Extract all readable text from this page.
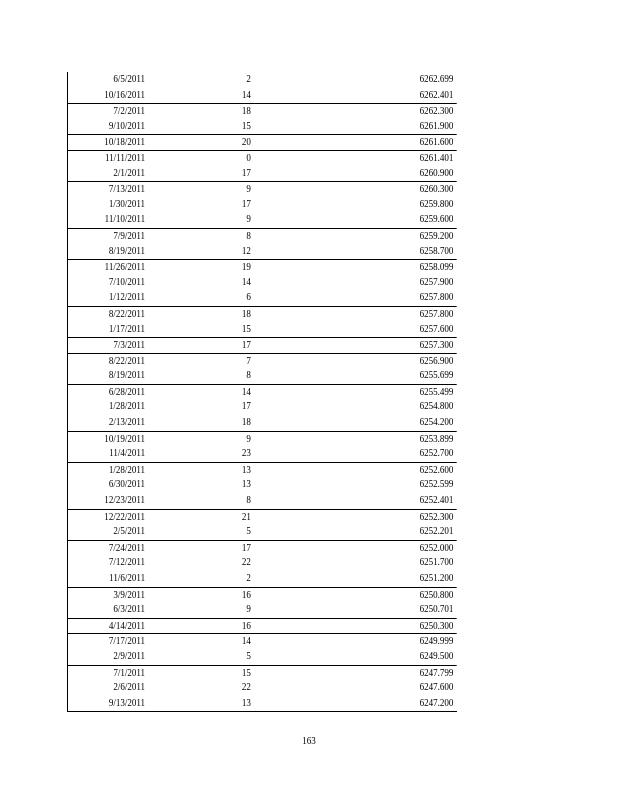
6/5/2011	2	6262.699
10/16/2011	14	6262.401
7/2/2011	18	6262.300
9/10/2011	15	6261.900
10/18/2011	20	6261.600
11/11/2011	0	6261.401
2/1/2011	17	6260.900
7/13/2011	9	6260.300
1/30/2011	17	6259.800
11/10/2011	9	6259.600
7/9/2011	8	6259.200
8/19/2011	12	6258.700
11/26/2011	19	6258.099
7/10/2011	14	6257.900
1/12/2011	6	6257.800
8/22/2011	18	6257.800
1/17/2011	15	6257.600
7/3/2011	17	6257.300
8/22/2011	7	6256.900
8/19/2011	8	6255.699
6/28/2011	14	6255.499
1/28/2011	17	6254.800
2/13/2011	18	6254.200
10/19/2011	9	6253.899
11/4/2011	23	6252.700
1/28/2011	13	6252.600
6/30/2011	13	6252.599
12/23/2011	8	6252.401
12/22/2011	21	6252.300
2/5/2011	5	6252.201
7/24/2011	17	6252.000
7/12/2011	22	6251.700
11/6/2011	2	6251.200
3/9/2011	16	6250.800
6/3/2011	9	6250.701
4/14/2011	16	6250.300
7/17/2011	14	6249.999
2/9/2011	5	6249.500
7/1/2011	15	6247.799
2/6/2011	22	6247.600
9/13/2011	13	6247.200
163
